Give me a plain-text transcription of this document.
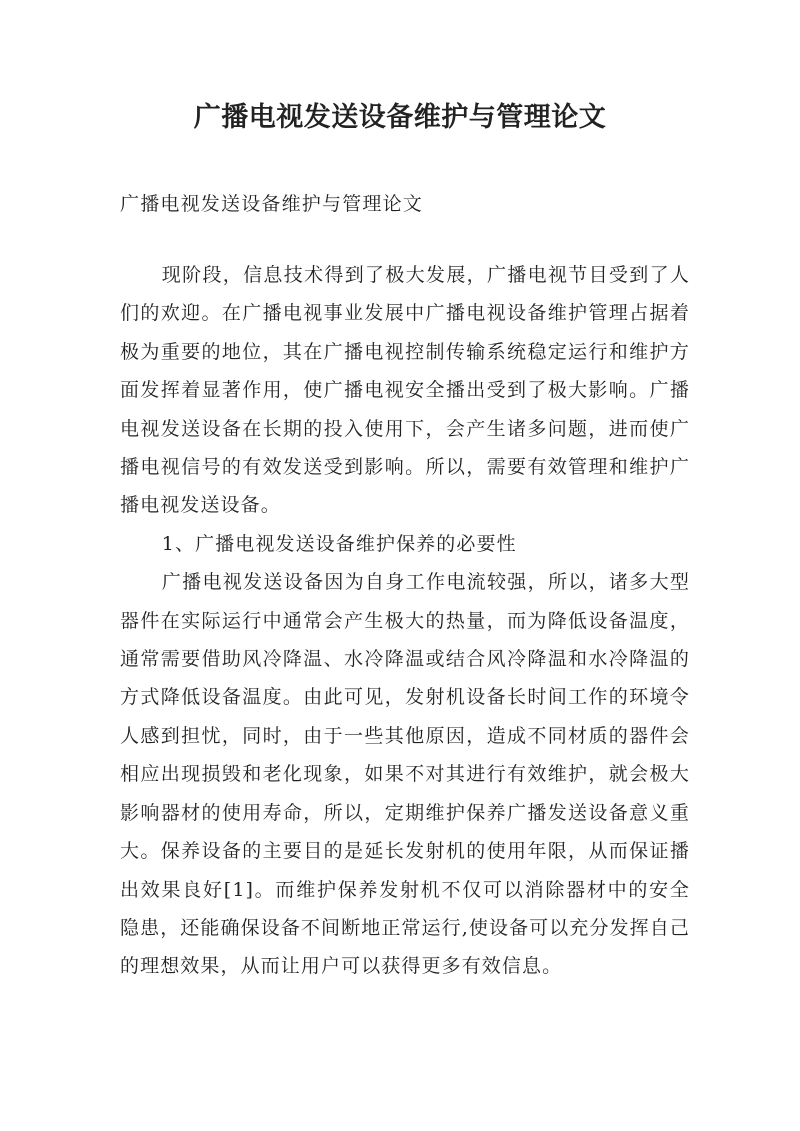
广播电视发送设备维护与管理论文

广播电视发送设备维护与管理论文

现阶段，信息技术得到了极大发展，广播电视节目受到了人们的欢迎。在广播电视事业发展中广播电视设备维护管理占据着极为重要的地位，其在广播电视控制传输系统稳定运行和维护方面发挥着显著作用，使广播电视安全播出受到了极大影响。广播电视发送设备在长期的投入使用下，会产生诸多问题，进而使广播电视信号的有效发送受到影响。所以，需要有效管理和维护广播电视发送设备。

1、广播电视发送设备维护保养的必要性

广播电视发送设备因为自身工作电流较强，所以，诸多大型器件在实际运行中通常会产生极大的热量，而为降低设备温度，通常需要借助风冷降温、水冷降温或结合风冷降温和水冷降温的方式降低设备温度。由此可见，发射机设备长时间工作的环境令人感到担忧，同时，由于一些其他原因，造成不同材质的器件会相应出现损毁和老化现象，如果不对其进行有效维护，就会极大影响器材的使用寿命，所以，定期维护保养广播发送设备意义重大。保养设备的主要目的是延长发射机的使用年限，从而保证播出效果良好[1]。而维护保养发射机不仅可以消除器材中的安全隐患，还能确保设备不间断地正常运行,使设备可以充分发挥自己的理想效果，从而让用户可以获得更多有效信息。
